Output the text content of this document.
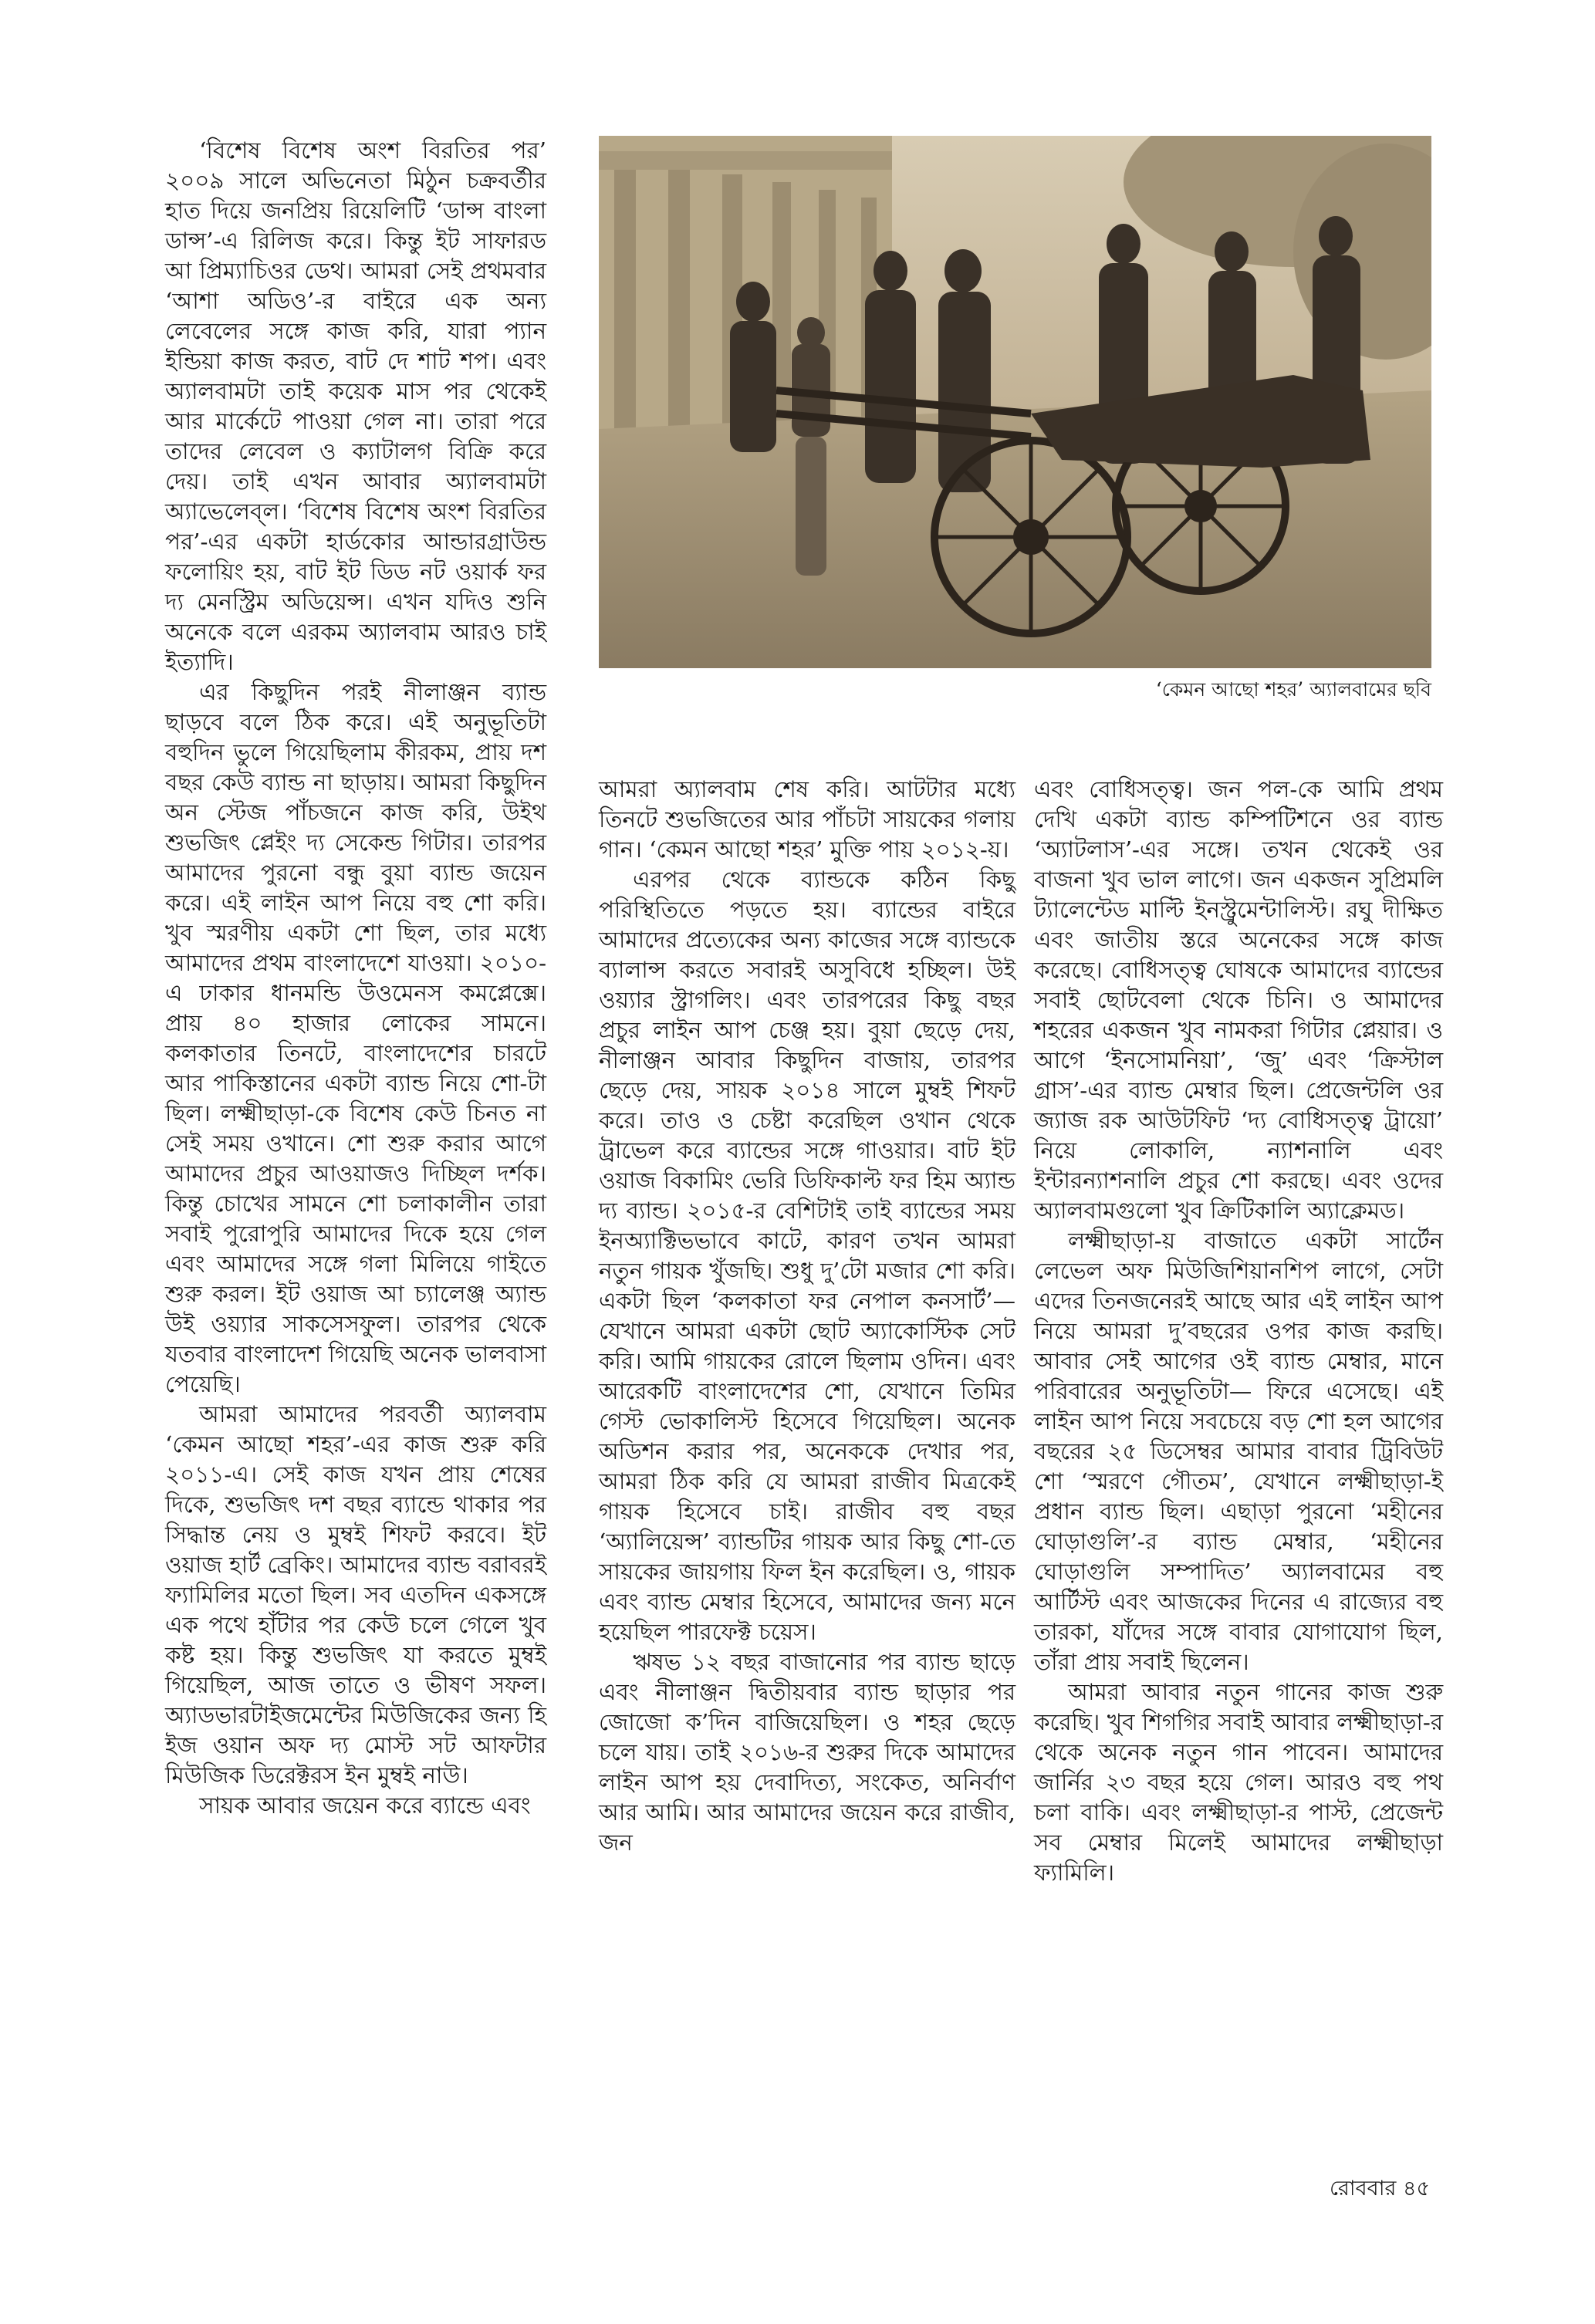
‘বিশেষ বিশেষ অংশ বিরতির পর’ ২০০৯ সালে অভিনেতা মিঠুন চক্রবর্তীর হাত দিয়ে জনপ্রিয় রিয়েলিটি ‘ডান্স বাংলা ডান্স’-এ রিলিজ করে। কিন্তু ইট সাফারড আ প্রিম্যাচিওর ডেথ। আমরা সেই প্রথমবার ‘আশা অডিও’-র বাইরে এক অন্য লেবেলের সঙ্গে কাজ করি, যারা প্যান ইন্ডিয়া কাজ করত, বাট দে শাট শপ। এবং অ্যালবামটা তাই কয়েক মাস পর থেকেই আর মার্কেটে পাওয়া গেল না। তারা পরে তাদের লেবেল ও ক্যাটালগ বিক্রি করে দেয়। তাই এখন আবার অ্যালবামটা অ্যাভেলেব্‌ল। ‘বিশেষ বিশেষ অংশ বিরতির পর’-এর একটা হার্ডকোর আন্ডারগ্রাউন্ড ফলোয়িং হয়, বাট ইট ডিড নট ওয়ার্ক ফর দ্য মেনস্ট্রিম অডিয়েন্স। এখন যদিও শুনি অনেকে বলে এরকম অ্যালবাম আরও চাই ইত্যাদি।

এর কিছুদিন পরই নীলাঞ্জন ব্যান্ড ছাড়বে বলে ঠিক করে। এই অনুভূতিটা বহুদিন ভুলে গিয়েছিলাম কীরকম, প্রায় দশ বছর কেউ ব্যান্ড না ছাড়ায়। আমরা কিছুদিন অন স্টেজ পাঁচজনে কাজ করি, উইথ শুভজিৎ প্লেইং দ্য সেকেন্ড গিটার। তারপর আমাদের পুরনো বন্ধু বুয়া ব্যান্ড জয়েন করে। এই লাইন আপ নিয়ে বহু শো করি। খুব স্মরণীয় একটা শো ছিল, তার মধ্যে আমাদের প্রথম বাংলাদেশে যাওয়া। ২০১০-এ ঢাকার ধানমন্ডি উওমেনস কমপ্লেক্সে। প্রায় ৪০ হাজার লোকের সামনে। কলকাতার তিনটে, বাংলাদেশের চারটে আর পাকিস্তানের একটা ব্যান্ড নিয়ে শো-টা ছিল। লক্ষ্মীছাড়া-কে বিশেষ কেউ চিনত না সেই সময় ওখানে। শো শুরু করার আগে আমাদের প্রচুর আওয়াজও দিচ্ছিল দর্শক। কিন্তু চোখের সামনে শো চলাকালীন তারা সবাই পুরোপুরি আমাদের দিকে হয়ে গেল এবং আমাদের সঙ্গে গলা মিলিয়ে গাইতে শুরু করল। ইট ওয়াজ আ চ্যালেঞ্জ অ্যান্ড উই ওয়্যার সাকসেসফুল। তারপর থেকে যতবার বাংলাদেশ গিয়েছি অনেক ভালবাসা পেয়েছি।

আমরা আমাদের পরবর্তী অ্যালবাম ‘কেমন আছো শহর’-এর কাজ শুরু করি ২০১১-এ। সেই কাজ যখন প্রায় শেষের দিকে, শুভজিৎ দশ বছর ব্যান্ডে থাকার পর সিদ্ধান্ত নেয় ও মুম্বই শিফট করবে। ইট ওয়াজ হার্ট ব্রেকিং। আমাদের ব্যান্ড বরাবরই ফ্যামিলির মতো ছিল। সব এতদিন একসঙ্গে এক পথে হাঁটার পর কেউ চলে গেলে খুব কষ্ট হয়। কিন্তু শুভজিৎ যা করতে মুম্বই গিয়েছিল, আজ তাতে ও ভীষণ সফল। অ্যাডভারটাইজমেন্টের মিউজিকের জন্য হি ইজ ওয়ান অফ দ্য মোস্ট সট আফটার মিউজিক ডিরেক্টরস ইন মুম্বই নাউ।

সায়ক আবার জয়েন করে ব্যান্ডে এবং

‘কেমন আছো শহর’ অ্যালবামের ছবি

আমরা অ্যালবাম শেষ করি। আটটার মধ্যে তিনটে শুভজিতের আর পাঁচটা সায়কের গলায় গান। ‘কেমন আছো শহর’ মুক্তি পায় ২০১২-য়।

এরপর থেকে ব্যান্ডকে কঠিন কিছু পরিস্থিতিতে পড়তে হয়। ব্যান্ডের বাইরে আমাদের প্রত্যেকের অন্য কাজের সঙ্গে ব্যান্ডকে ব্যালান্স করতে সবারই অসুবিধে হচ্ছিল। উই ওয়্যার স্ট্রাগলিং। এবং তারপরের কিছু বছর প্রচুর লাইন আপ চেঞ্জ হয়। বুয়া ছেড়ে দেয়, নীলাঞ্জন আবার কিছুদিন বাজায়, তারপর ছেড়ে দেয়, সায়ক ২০১৪ সালে মুম্বই শিফট করে। তাও ও চেষ্টা করেছিল ওখান থেকে ট্রাভেল করে ব্যান্ডের সঙ্গে গাওয়ার। বাট ইট ওয়াজ বিকামিং ভেরি ডিফিকাল্ট ফর হিম অ্যান্ড দ্য ব্যান্ড। ২০১৫-র বেশিটাই তাই ব্যান্ডের সময় ইনঅ্যাক্টিভভাবে কাটে, কারণ তখন আমরা নতুন গায়ক খুঁজছি। শুধু দু’টো মজার শো করি। একটা ছিল ‘কলকাতা ফর নেপাল কনসার্ট’— যেখানে আমরা একটা ছোট অ্যাকোস্টিক সেট করি। আমি গায়কের রোলে ছিলাম ওদিন। এবং আরেকটি বাংলাদেশের শো, যেখানে তিমির গেস্ট ভোকালিস্ট হিসেবে গিয়েছিল। অনেক অডিশন করার পর, অনেককে দেখার পর, আমরা ঠিক করি যে আমরা রাজীব মিত্রকেই গায়ক হিসেবে চাই। রাজীব বহু বছর ‘অ্যালিয়েন্স’ ব্যান্ডটির গায়ক আর কিছু শো-তে সায়কের জায়গায় ফিল ইন করেছিল। ও, গায়ক এবং ব্যান্ড মেম্বার হিসেবে, আমাদের জন্য মনে হয়েছিল পারফেক্ট চয়েস।

ঋষভ ১২ বছর বাজানোর পর ব্যান্ড ছাড়ে এবং নীলাঞ্জন দ্বিতীয়বার ব্যান্ড ছাড়ার পর জোজো ক’দিন বাজিয়েছিল। ও শহর ছেড়ে চলে যায়। তাই ২০১৬-র শুরুর দিকে আমাদের লাইন আপ হয় দেবাদিত্য, সংকেত, অনির্বাণ আর আমি। আর আমাদের জয়েন করে রাজীব, জন

এবং বোধিসত্ত্ব। জন পল-কে আমি প্রথম দেখি একটা ব্যান্ড কম্পিটিশনে ওর ব্যান্ড ‘অ্যাটলাস’-এর সঙ্গে। তখন থেকেই ওর বাজনা খুব ভাল লাগে। জন একজন সুপ্রিমলি ট্যালেন্টেড মাল্টি ইনস্ট্রুমেন্টালিস্ট। রঘু দীক্ষিত এবং জাতীয় স্তরে অনেকের সঙ্গে কাজ করেছে। বোধিসত্ত্ব ঘোষকে আমাদের ব্যান্ডের সবাই ছোটবেলা থেকে চিনি। ও আমাদের শহরের একজন খুব নামকরা গিটার প্লেয়ার। ও আগে ‘ইনসোমনিয়া’, ‘জু’ এবং ‘ক্রিস্টাল গ্রাস’-এর ব্যান্ড মেম্বার ছিল। প্রেজেন্টলি ওর জ্যাজ রক আউটফিট ‘দ্য বোধিসত্ত্ব ট্রায়ো’ নিয়ে লোকালি, ন্যাশনালি এবং ইন্টারন্যাশনালি প্রচুর শো করছে। এবং ওদের অ্যালবামগুলো খুব ক্রিটিকালি অ্যাক্লেমড।

লক্ষ্মীছাড়া-য় বাজাতে একটা সার্টেন লেভেল অফ মিউজিশিয়ানশিপ লাগে, সেটা এদের তিনজনেরই আছে আর এই লাইন আপ নিয়ে আমরা দু’বছরের ওপর কাজ করছি। আবার সেই আগের ওই ব্যান্ড মেম্বার, মানে পরিবারের অনুভূতিটা— ফিরে এসেছে। এই লাইন আপ নিয়ে সবচেয়ে বড় শো হল আগের বছরের ২৫ ডিসেম্বর আমার বাবার ট্রিবিউট শো ‘স্মরণে গৌতম’, যেখানে লক্ষ্মীছাড়া-ই প্রধান ব্যান্ড ছিল। এছাড়া পুরনো ‘মহীনের ঘোড়াগুলি’-র ব্যান্ড মেম্বার, ‘মহীনের ঘোড়াগুলি সম্পাদিত’ অ্যালবামের বহু আর্টিস্ট এবং আজকের দিনের এ রাজ্যের বহু তারকা, যাঁদের সঙ্গে বাবার যোগাযোগ ছিল, তাঁরা প্রায় সবাই ছিলেন।

আমরা আবার নতুন গানের কাজ শুরু করেছি। খুব শিগগির সবাই আবার লক্ষ্মীছাড়া-র থেকে অনেক নতুন গান পাবেন। আমাদের জার্নির ২৩ বছর হয়ে গেল। আরও বহু পথ চলা বাকি। এবং লক্ষ্মীছাড়া-র পাস্ট, প্রেজেন্ট সব মেম্বার মিলেই আমাদের লক্ষ্মীছাড়া ফ্যামিলি।

রোববার ৪৫
